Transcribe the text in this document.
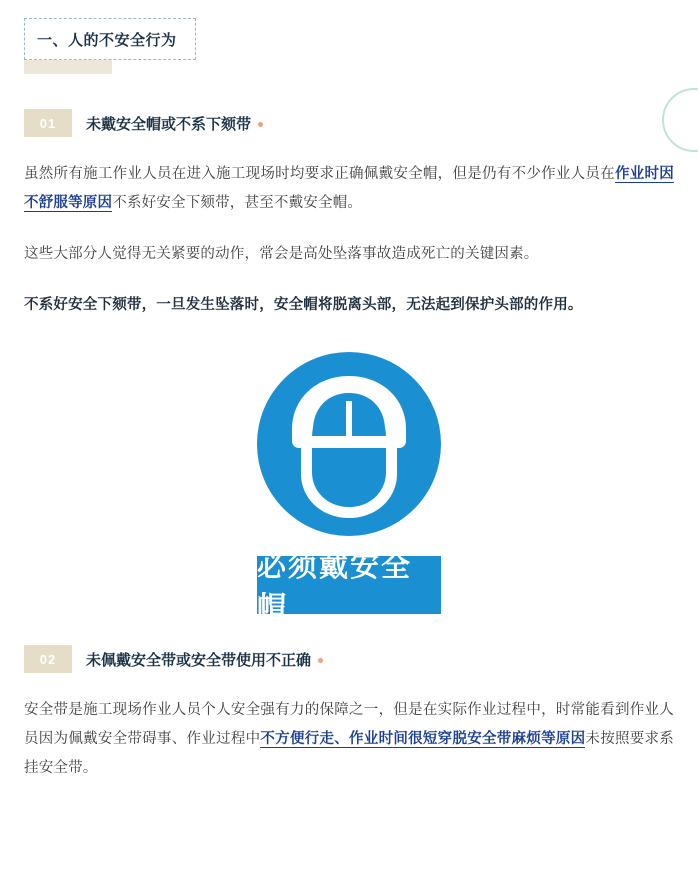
一、人的不安全行为
01	未戴安全帽或不系下颏带

虽然所有施工作业人员在进入施工现场时均要求正确佩戴安全帽，但是仍有不少作业人员在作业时因不舒服等原因不系好安全下颏带，甚至不戴安全帽。

这些大部分人觉得无关紧要的动作，常会是高处坠落事故造成死亡的关键因素。

不系好安全下颏带，一旦发生坠落时，安全帽将脱离头部，无法起到保护头部的作用。

必须戴安全帽
02	未佩戴安全带或安全带使用不正确

安全带是施工现场作业人员个人安全强有力的保障之一，但是在实际作业过程中，时常能看到作业人员因为佩戴安全带碍事、作业过程中不方便行走、作业时间很短穿脱安全带麻烦等原因未按照要求系挂安全带。
